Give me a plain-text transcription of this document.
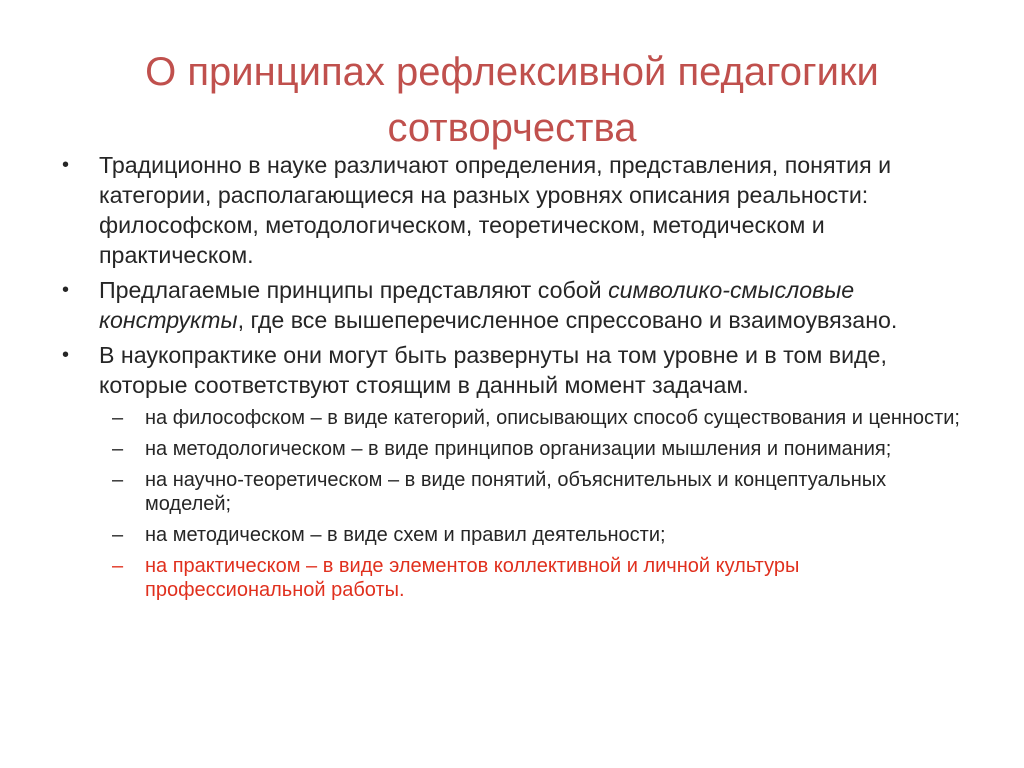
О принципах рефлексивной педагогики
сотворчества
• Традиционно в науке различают определения, представления, понятия и категории, располагающиеся на разных уровнях описания реальности: философском, методологическом, теоретическом, методическом и практическом.
• Предлагаемые принципы представляют собой символико-смысловые конструкты, где все вышеперечисленное спрессовано и взаимоувязано.
• В наукопрактике они могут быть развернуты на том уровне и в том виде, которые соответствуют стоящим в данный момент задачам.
– на философском – в виде категорий, описывающих способ существования и ценности;
– на методологическом – в виде принципов организации мышления и понимания;
– на научно-теоретическом – в виде понятий, объяснительных и концептуальных моделей;
– на методическом – в виде схем и правил деятельности;
– на практическом – в виде элементов коллективной и личной культуры профессиональной работы.
